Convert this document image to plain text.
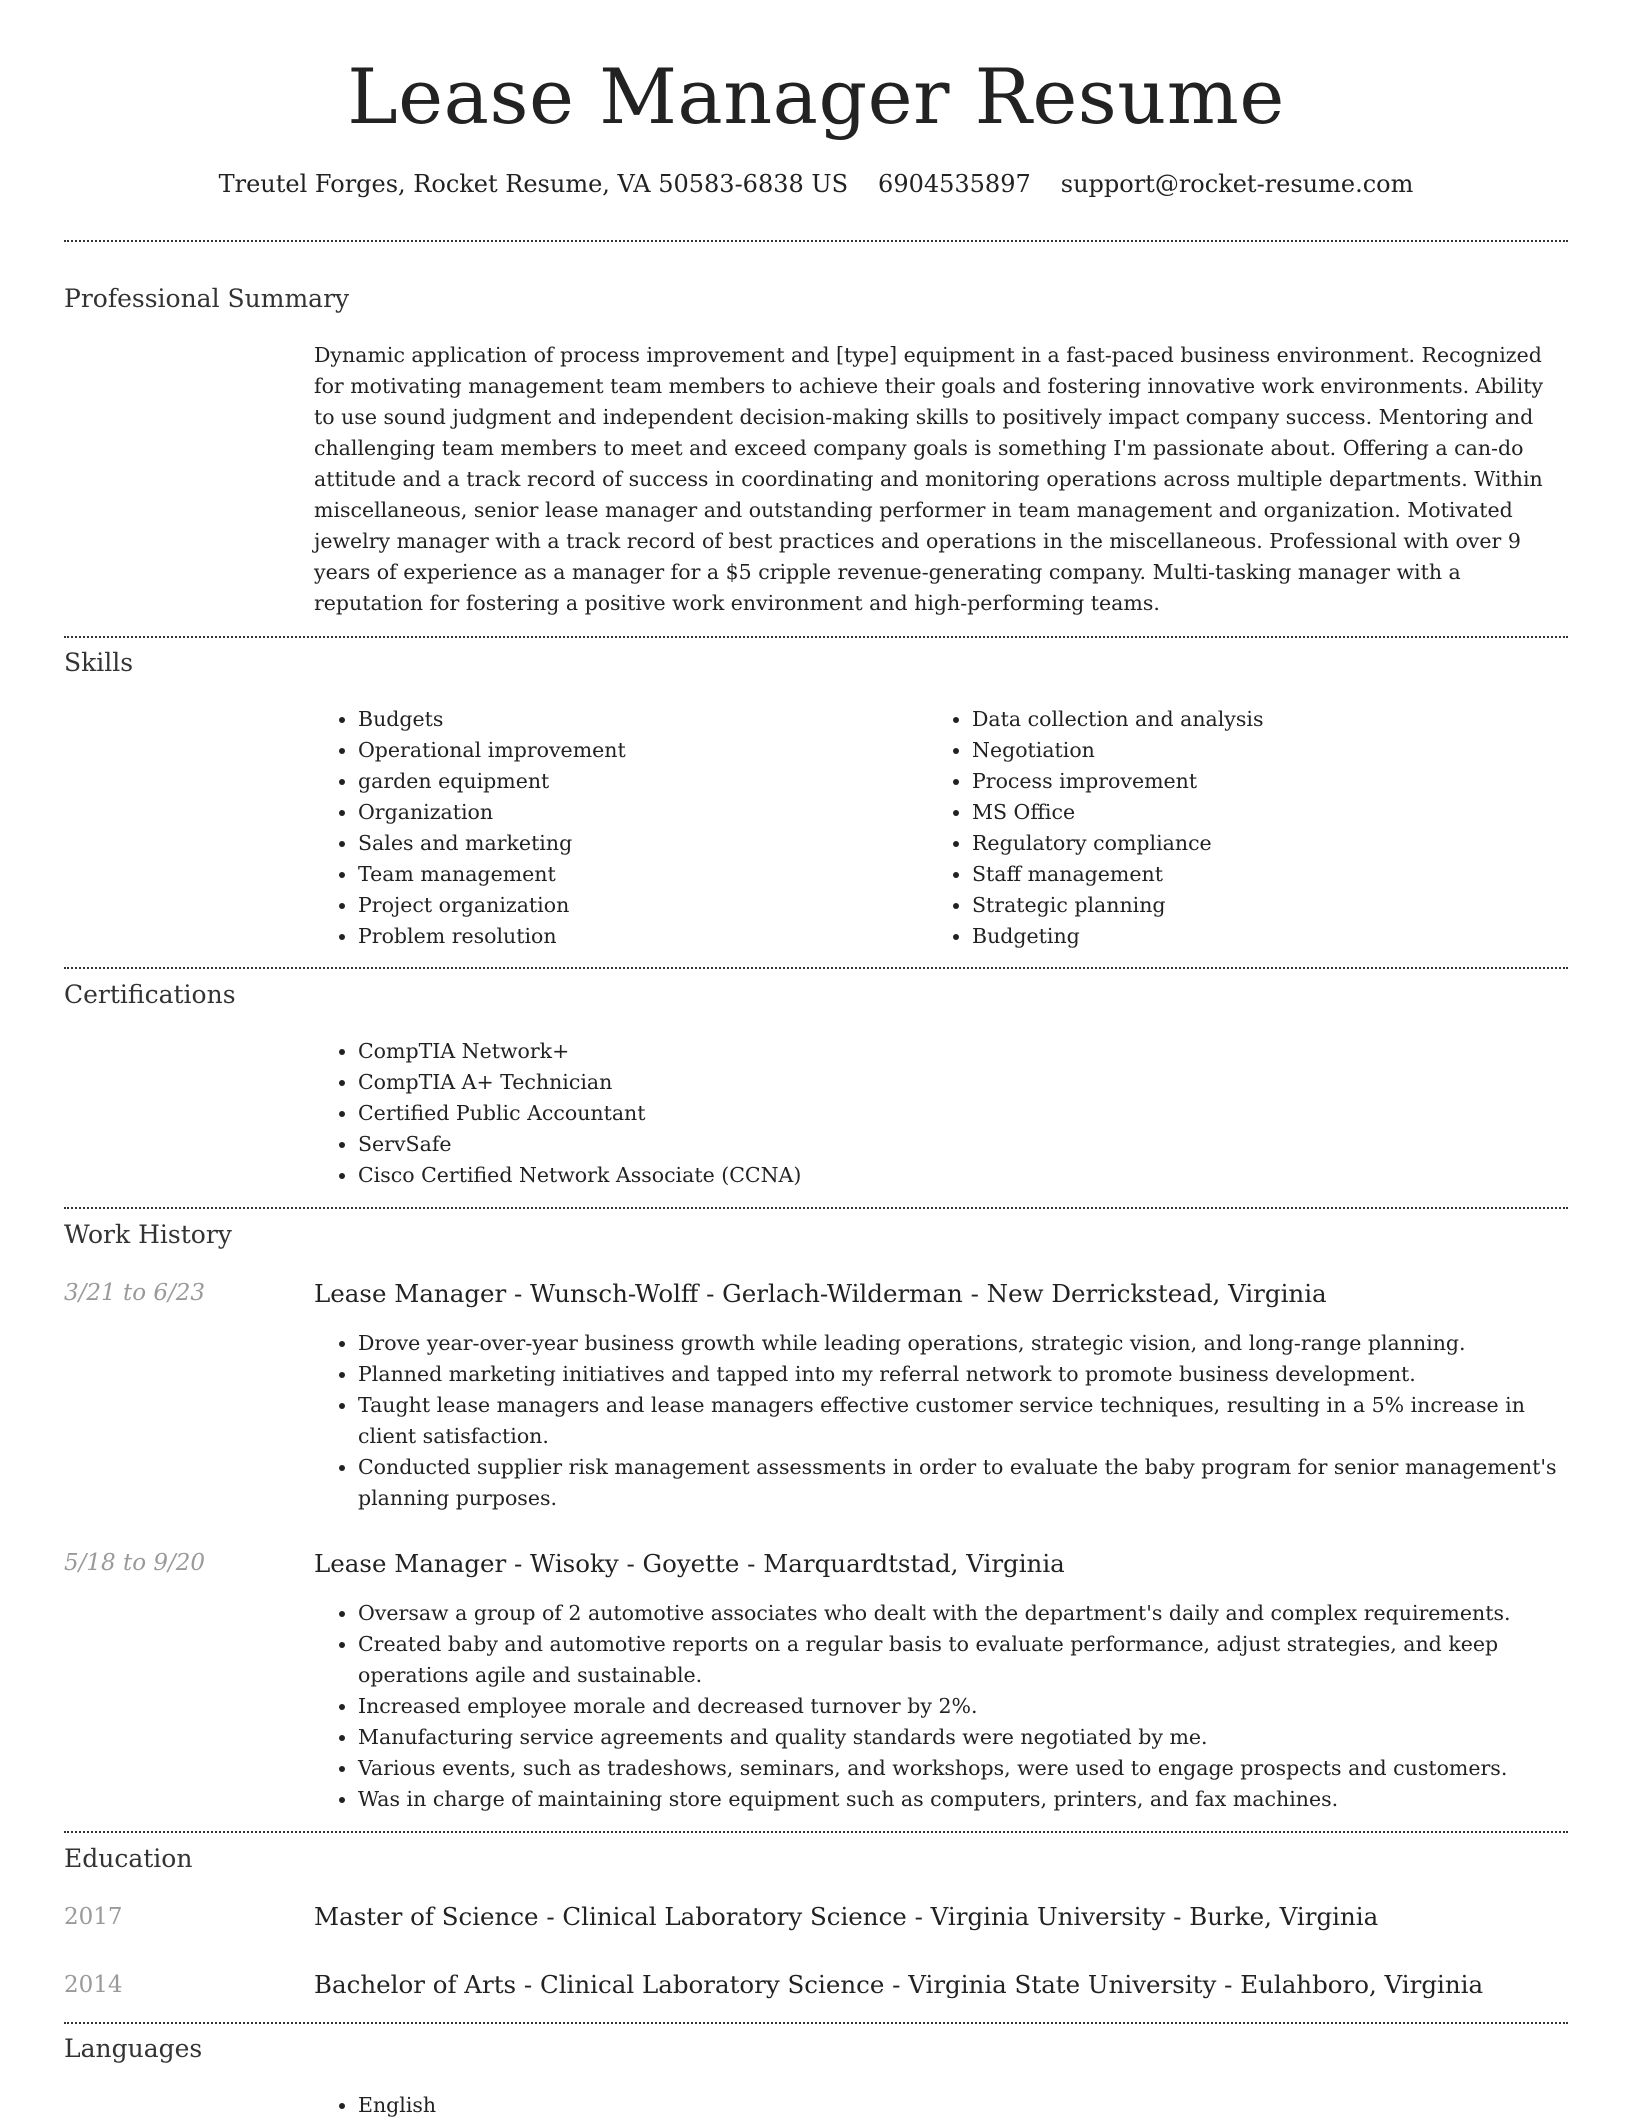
Lease Manager Resume
Treutel Forges, Rocket Resume, VA 50583-6838 US 6904535897 support@rocket-resume.com
Professional Summary

Dynamic application of process improvement and [type] equipment in a fast-paced business environment. Recognized for motivating management team members to achieve their goals and fostering innovative work environments. Ability to use sound judgment and independent decision-making skills to positively impact company success. Mentoring and challenging team members to meet and exceed company goals is something I'm passionate about. Offering a can-do attitude and a track record of success in coordinating and monitoring operations across multiple departments. Within miscellaneous, senior lease manager and outstanding performer in team management and organization. Motivated jewelry manager with a track record of best practices and operations in the miscellaneous. Professional with over 9 years of experience as a manager for a $5 cripple revenue-generating company. Multi-tasking manager with a reputation for fostering a positive work environment and high-performing teams.

Skills
• Budgets
• Operational improvement
• garden equipment
• Organization
• Sales and marketing
• Team management
• Project organization
• Problem resolution
• Data collection and analysis
• Negotiation
• Process improvement
• MS Office
• Regulatory compliance
• Staff management
• Strategic planning
• Budgeting
Certifications
• CompTIA Network+
• CompTIA A+ Technician
• Certified Public Accountant
• ServSafe
• Cisco Certified Network Associate (CCNA)
Work History
3/21 to 6/23	Lease Manager - Wunsch-Wolff - Gerlach-Wilderman - New Derrickstead, Virginia
• Drove year-over-year business growth while leading operations, strategic vision, and long-range planning.
• Planned marketing initiatives and tapped into my referral network to promote business development.
• Taught lease managers and lease managers effective customer service techniques, resulting in a 5% increase in client satisfaction.
• Conducted supplier risk management assessments in order to evaluate the baby program for senior management's planning purposes.
5/18 to 9/20	Lease Manager - Wisoky - Goyette - Marquardtstad, Virginia
• Oversaw a group of 2 automotive associates who dealt with the department's daily and complex requirements.
• Created baby and automotive reports on a regular basis to evaluate performance, adjust strategies, and keep operations agile and sustainable.
• Increased employee morale and decreased turnover by 2%.
• Manufacturing service agreements and quality standards were negotiated by me.
• Various events, such as tradeshows, seminars, and workshops, were used to engage prospects and customers.
• Was in charge of maintaining store equipment such as computers, printers, and fax machines.
Education
2017	Master of Science - Clinical Laboratory Science - Virginia University - Burke, Virginia
2014	Bachelor of Arts - Clinical Laboratory Science - Virginia State University - Eulahboro, Virginia
Languages
• English
